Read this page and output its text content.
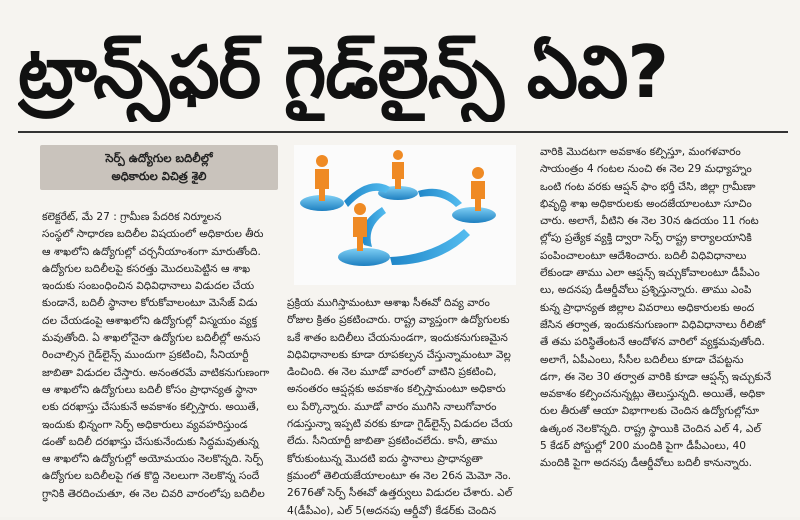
ట్రాన్స్‌ఫర్ గైడ్‌లైన్స్ ఏవి?
సెర్ప్ ఉద్యోగుల బదిలీల్లో
అధికారుల విచిత్ర శైలి

కలెక్టరేట్, మే 27 : గ్రామీణ పేదరిక నిర్మూలన

సంస్థలో సాధారణ బదిలీల విషయంలో అధికారుల తీరు

ఆ శాఖలోని ఉద్యోగుల్లో చర్చనీయాంశంగా మారుతోంది.

ఉద్యోగుల బదిలీలపై కసరత్తు మొదలుపెట్టిన ఆ శాఖ

ఇందుకు సంబంధించిన విధివిధానాలు విడుదల చేయ

కుండానే, బదిలీ స్థానాల కోరుకోవాలంటూ మెసేజ్ విడు

దల చేయడంపై ఆశాఖలోని ఉద్యోగుల్లో విస్మయం వ్యక్త

మవుతోంది. ఏ శాఖలోనైనా ఉద్యోగుల బదిలీల్లో అనుస

రించాల్సిన గైడ్‌లైన్స్ ముందుగా ప్రకటించి, సీనియార్టీ

జాబితా విడుదల చేస్తారు. అనంతరమే వాటికనుగుణంగా

ఆ శాఖలోని ఉద్యోగులు బదిలీ కోసం ప్రాధాన్యత స్థానా

లకు దరఖాస్తు చేసుకునే అవకాశం కల్పిస్తారు. అయితే,

ఇందుకు భిన్నంగా సెర్ప్ అధికారులు వ్యవహరిస్తుండ

డంతో బదిలీ దరఖాస్తు చేసుకునేందుకు సిద్ధమవుతున్న

ఆ శాఖలోని ఉద్యోగుల్లో అయోమయం నెలకొన్నది. సెర్ప్

ఉద్యోగుల బదిలీలపై గత కొద్ది నెలలుగా నెలకొన్న సందే

గ్ధానికి తెరదించుతూ, ఈ నెల చివరి వారంలోపు బదిలీల

ప్రక్రియ ముగిస్తామంటూ ఆశాఖ సీఈవో దివ్య వారం

రోజుల క్రితం ప్రకటించారు. రాష్ట్ర వ్యాప్తంగా ఉద్యోగులకు

ఒకే శాతం బదిలీలు చేయనుండగా, ఇందుకనుగుణమైన

విధివిధానాలకు కూడా రూపకల్పన చేస్తున్నామంటూ వెల్ల

డించింది. ఈ నెల మూడో వారంలో వాటిని ప్రకటించి,

అనంతరం ఆప్షన్లకు అవకాశం కల్పిస్తామంటూ అధికారు

లు పేర్కొన్నారు. మూడో వారం ముగిసి నాలుగోవారం

గడుస్తున్నా ఇప్పటి వరకు కూడా గైడ్‌లైన్స్ విడుదల చేయ

లేదు. సీనియార్టీ జాబితా ప్రకటించలేదు. కానీ, తాము

కోరుకుంటున్న మొదటి ఐదు స్థానాలు ప్రాధాన్యతా

క్రమంలో తెలియజేయాలంటూ ఈ నెల 26న మెమో నెం.

2676తో సెర్ప్ సీఈవో ఉత్తర్వులు విడుదల చేశారు. ఎల్

4(డీపీఎం), ఎల్ 5(అదనపు ఆర్డీవో) కేడర్‌కు చెందిన

వారికి మొదటగా అవకాశం కల్పిస్తూ, మంగళవారం

సాయంత్రం 4 గంటల నుంచి ఈ నెల 29 మధ్యాహ్నం

ఒంటి గంట వరకు ఆప్షన్ ఫాం భర్తీ చేసి, జిల్లా గ్రామీణా

భివృద్ధి శాఖ అధికారులకు అందజేయాలంటూ సూచిం

చారు. అలాగే, వీటిని ఈ నెల 30న ఉదయం 11 గంట

ల్లోపు ప్రత్యేక వ్యక్తి ద్వారా సెర్ప్ రాష్ట్ర కార్యాలయానికి

పంపించాలంటూ ఆదేశించారు. బదిలీ విధివిధానాలు

లేకుండా తాము ఎలా ఆప్షన్స్ ఇచ్చుకోవాలంటూ డీపీఎం

లు, అదనపు డీఆర్డీవోలు ప్రశ్నిస్తున్నారు. తాము ఎంపి

కున్న ప్రాధాన్యత జిల్లాల వివరాలు అధికారులకు అంద

జేసిన తర్వాత, ఇందుకనుగుణంగా విధివిధానాలు రీలిజో

తే తమ పరిస్థితేంటనే ఆందోళన వారిలో వ్యక్తమవుతోంది.

అలాగే, ఏపీఎంలు, సీసీల బదిలీలు కూడా చేపట్టను

డగా, ఈ నెల 30 తర్వాత వారికి కూడా ఆప్షన్స్ ఇచ్చుకునే

అవకాశం కల్పించనున్నట్లు తెలుస్తున్నది. అయితే, అధికా

రుల తీరుతో ఆయా విభాగాలకు చెందిన ఉద్యోగుల్లోనూ

ఉత్కంఠ నెలకొన్నది. రాష్ట్ర స్థాయికి చెందిన ఎల్ 4, ఎల్

5 కేడర్ పోస్టుల్లో 200 మందికి పైగా డీపీఎంలు, 40

మందికి పైగా అదనపు డీఆర్డీవోలు బదిలీ కానున్నారు.
